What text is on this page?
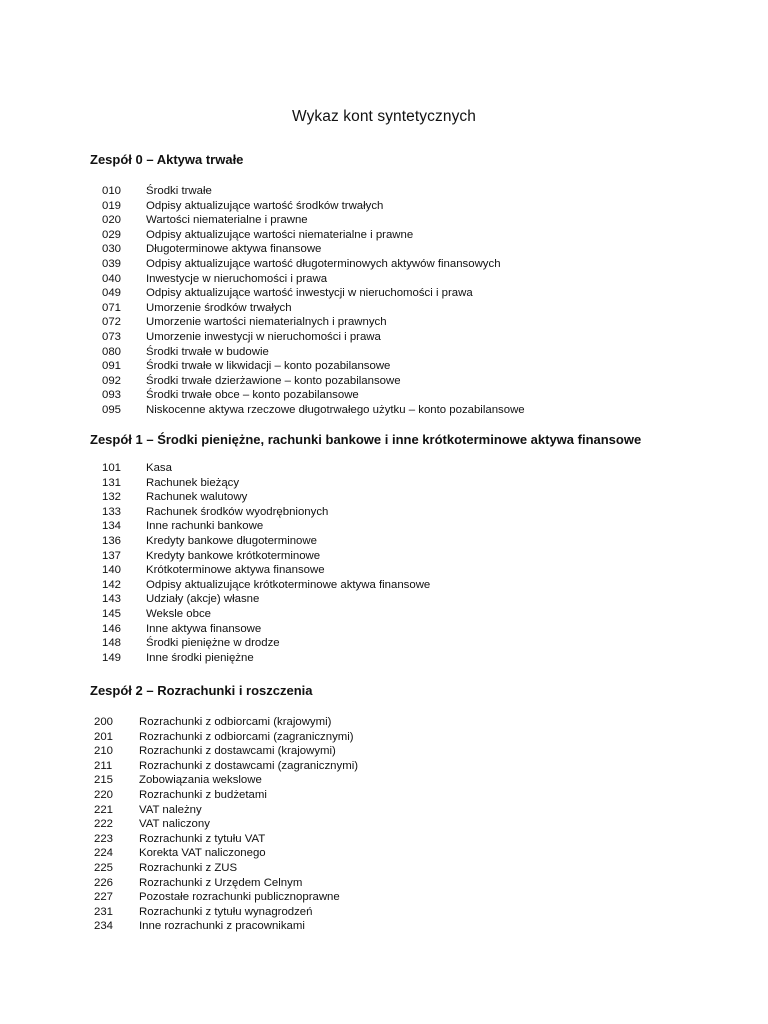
Wykaz kont syntetycznych
Zespół 0 – Aktywa trwałe
010 Środki trwałe
019 Odpisy aktualizujące wartość środków trwałych
020 Wartości niematerialne i prawne
029 Odpisy aktualizujące wartości niematerialne i prawne
030 Długoterminowe aktywa finansowe
039 Odpisy aktualizujące wartość długoterminowych aktywów finansowych
040 Inwestycje w nieruchomości i prawa
049 Odpisy aktualizujące wartość inwestycji w nieruchomości i prawa
071 Umorzenie środków trwałych
072 Umorzenie wartości niematerialnych i prawnych
073 Umorzenie inwestycji w nieruchomości i prawa
080 Środki trwałe w budowie
091 Środki trwałe w likwidacji – konto pozabilansowe
092 Środki trwałe dzierżawione – konto pozabilansowe
093 Środki trwałe obce – konto pozabilansowe
095 Niskocenne aktywa rzeczowe długotrwałego użytku – konto pozabilansowe
Zespół 1 – Środki pieniężne, rachunki bankowe i inne krótkoterminowe aktywa finansowe
101 Kasa
131 Rachunek bieżący
132 Rachunek walutowy
133 Rachunek środków wyodrębnionych
134 Inne rachunki bankowe
136 Kredyty bankowe długoterminowe
137 Kredyty bankowe krótkoterminowe
140 Krótkoterminowe aktywa finansowe
142 Odpisy aktualizujące krótkoterminowe aktywa finansowe
143 Udziały (akcje) własne
145 Weksle obce
146 Inne aktywa finansowe
148 Środki pieniężne w drodze
149 Inne środki pieniężne
Zespół 2 – Rozrachunki i roszczenia
200 Rozrachunki z odbiorcami (krajowymi)
201 Rozrachunki z odbiorcami (zagranicznymi)
210 Rozrachunki z dostawcami (krajowymi)
211 Rozrachunki z dostawcami (zagranicznymi)
215 Zobowiązania wekslowe
220 Rozrachunki z budżetami
221 VAT należny
222 VAT naliczony
223 Rozrachunki z tytułu VAT
224 Korekta VAT naliczonego
225 Rozrachunki z ZUS
226 Rozrachunki z Urzędem Celnym
227 Pozostałe rozrachunki publicznoprawne
231 Rozrachunki z tytułu wynagrodzeń
234 Inne rozrachunki z pracownikami
